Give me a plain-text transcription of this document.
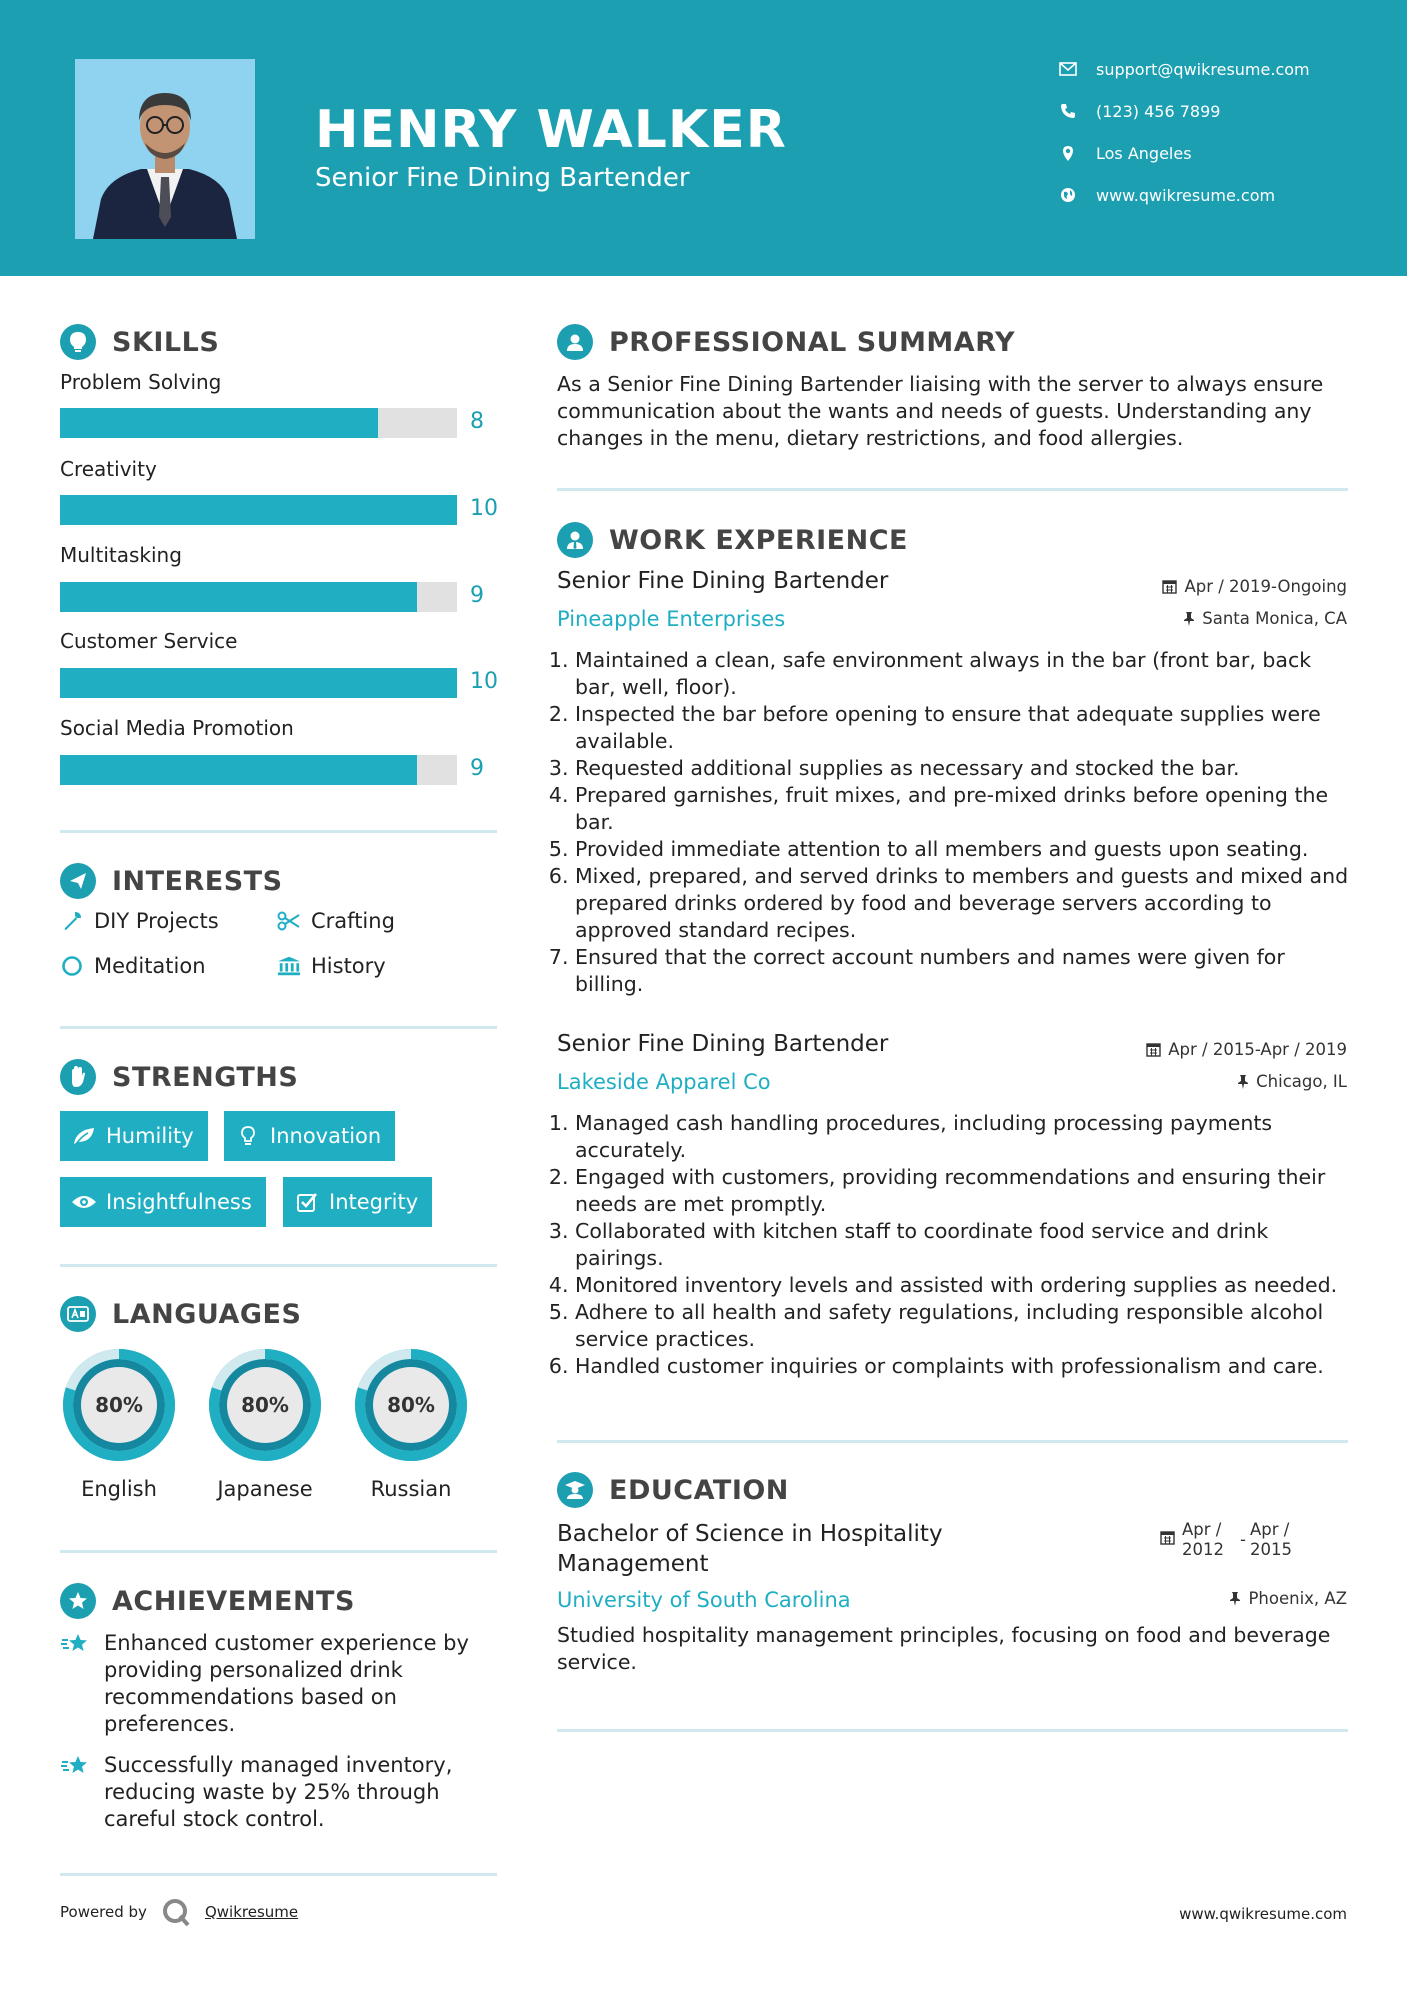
HENRY WALKER
Senior Fine Dining Bartender
support@qwikresume.com
(123) 456 7899
Los Angeles
www.qwikresume.com
SKILLS
Problem Solving
8
Creativity
10
Multitasking
9
Customer Service
10
Social Media Promotion
9
INTERESTS
DIY Projects	Crafting
Meditation	History
STRENGTHS
Humility	Innovation
Insightfulness	Integrity
LANGUAGES
80%
English
80%
Japanese
80%
Russian
ACHIEVEMENTS
Enhanced customer experience by providing personalized drink recommendations based on preferences.
Successfully managed inventory, reducing waste by 25% through careful stock control.
PROFESSIONAL SUMMARY
As a Senior Fine Dining Bartender liaising with the server to always ensure communication about the wants and needs of guests. Understanding any changes in the menu, dietary restrictions, and food allergies.
WORK EXPERIENCE
Senior Fine Dining Bartender	Apr / 2019-Ongoing
Pineapple Enterprises	Santa Monica, CA
1. Maintained a clean, safe environment always in the bar (front bar, back bar, well, floor).
2. Inspected the bar before opening to ensure that adequate supplies were available.
3. Requested additional supplies as necessary and stocked the bar.
4. Prepared garnishes, fruit mixes, and pre-mixed drinks before opening the bar.
5. Provided immediate attention to all members and guests upon seating.
6. Mixed, prepared, and served drinks to members and guests and mixed and prepared drinks ordered by food and beverage servers according to approved standard recipes.
7. Ensured that the correct account numbers and names were given for billing.
Senior Fine Dining Bartender	Apr / 2015-Apr / 2019
Lakeside Apparel Co	Chicago, IL
1. Managed cash handling procedures, including processing payments accurately.
2. Engaged with customers, providing recommendations and ensuring their needs are met promptly.
3. Collaborated with kitchen staff to coordinate food service and drink pairings.
4. Monitored inventory levels and assisted with ordering supplies as needed.
5. Adhere to all health and safety regulations, including responsible alcohol service practices.
6. Handled customer inquiries or complaints with professionalism and care.
EDUCATION
Bachelor of Science in Hospitality Management
Apr / 2012
-
Apr / 2015
University of South Carolina	Phoenix, AZ
Studied hospitality management principles, focusing on food and beverage service.
Powered by	Qwikresume	www.qwikresume.com
